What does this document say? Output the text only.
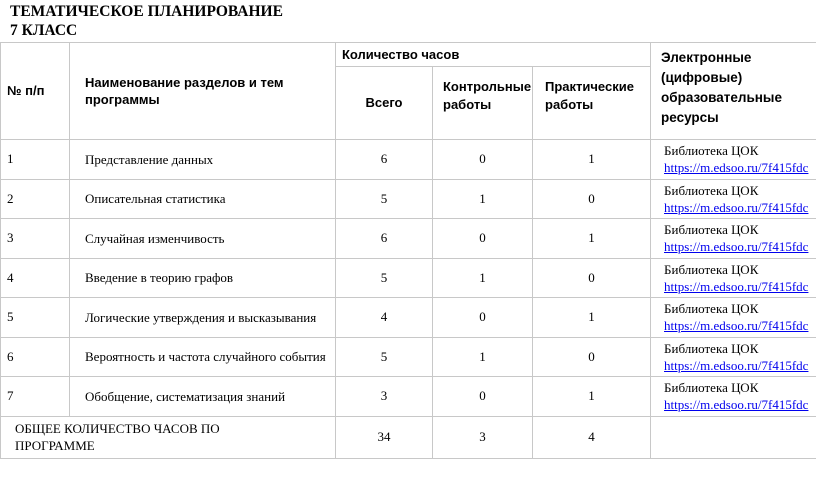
ТЕМАТИЧЕСКОЕ ПЛАНИРОВАНИЕ
7 КЛАСС
№ п/п	Наименование разделов и тем программы	Количество часов			Электронные (цифровые) образовательные ресурсы
		Всего	Контрольные работы	Практические работы	
1	Представление данных	6	0	1	Библиотека ЦОК
https://m.edsoo.ru/7f415fdc
2	Описательная статистика	5	1	0	Библиотека ЦОК
https://m.edsoo.ru/7f415fdc
3	Случайная изменчивость	6	0	1	Библиотека ЦОК
https://m.edsoo.ru/7f415fdc
4	Введение в теорию графов	5	1	0	Библиотека ЦОК
https://m.edsoo.ru/7f415fdc
5	Логические утверждения и высказывания	4	0	1	Библиотека ЦОК
https://m.edsoo.ru/7f415fdc
6	Вероятность и частота случайного события	5	1	0	Библиотека ЦОК
https://m.edsoo.ru/7f415fdc
7	Обобщение, систематизация знаний	3	0	1	Библиотека ЦОК
https://m.edsoo.ru/7f415fdc

ОБЩЕЕ КОЛИЧЕСТВО ЧАСОВ ПО ПРОГРАММЕ		34	3	4	
